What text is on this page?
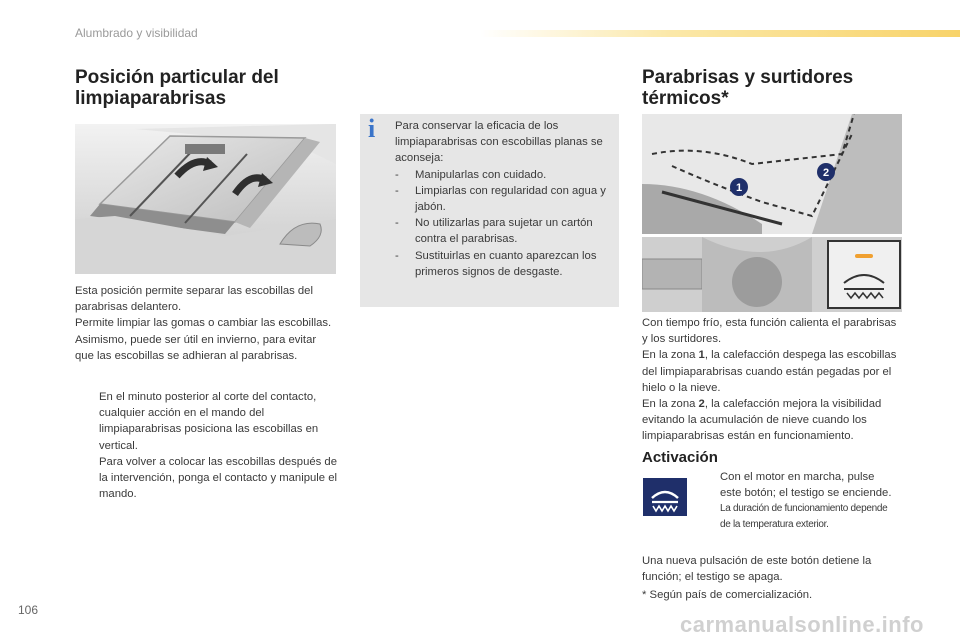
Alumbrado y visibilidad
Posición particular del
limpiaparabrisas

Esta posición permite separar las escobillas del parabrisas delantero.

Permite limpiar las gomas o cambiar las escobillas. Asimismo, puede ser útil en invierno, para evitar que las escobillas se adhieran al parabrisas.

En el minuto posterior al corte del contacto, cualquier acción en el mando del limpiaparabrisas posiciona las escobillas en vertical.
Para volver a colocar las escobillas después de la intervención, ponga el contacto y manipule el mando.
i	Para conservar la eficacia de los limpiaparabrisas con escobillas planas se aconseja:

- Manipularlas con cuidado.
- Limpiarlas con regularidad con agua y jabón.
- No utilizarlas para sujetar un cartón contra el parabrisas.
- Sustituirlas en cuanto aparezcan los primeros signos de desgaste.
Parabrisas y surtidores
térmicos*
1
2

Con tiempo frío, esta función calienta el parabrisas y los surtidores.

En la zona 1, la calefacción despega las escobillas del limpiaparabrisas cuando están pegadas por el hielo o la nieve.

En la zona 2, la calefacción mejora la visibilidad evitando la acumulación de nieve cuando los limpiaparabrisas están en funcionamiento.

Activación
Con el motor en marcha, pulse este botón; el testigo se enciende.
La duración de funcionamiento depende de la temperatura exterior.
Una nueva pulsación de este botón detiene la función; el testigo se apaga.
* Según país de comercialización.
106
carmanualsonline.info
